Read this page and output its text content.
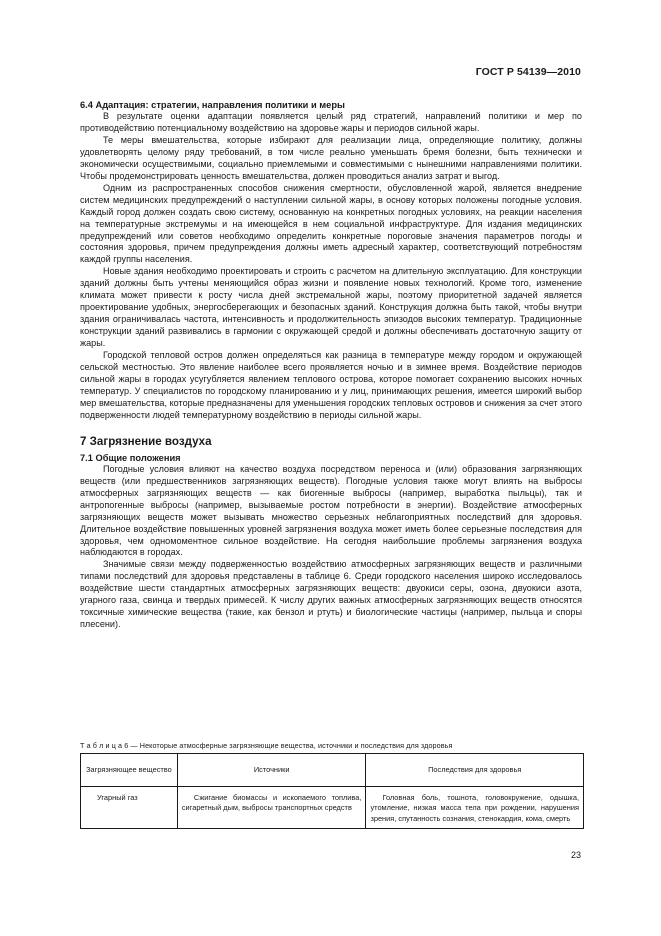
ГОСТ Р 54139—2010
6.4 Адаптация: стратегии, направления политики и меры

В результате оценки адаптации появляется целый ряд стратегий, направлений политики и мер по противодействию потенциальному воздействию на здоровье жары и периодов сильной жары.

Те меры вмешательства, которые избирают для реализации лица, определяющие политику, должны удовлетворять целому ряду требований, в том числе реально уменьшать бремя болезни, быть технически и экономически осуществимыми, социально приемлемыми и совместимыми с нынешними направлениями политики. Чтобы продемонстрировать ценность вмешательства, должен проводиться анализ затрат и выгод.

Одним из распространенных способов снижения смертности, обусловленной жарой, является внедрение систем медицинских предупреждений о наступлении сильной жары, в основу которых положены погодные условия. Каждый город должен создать свою систему, основанную на конкретных погодных условиях, на реакции населения на температурные экстремумы и на имеющейся в нем социальной инфраструктуре. Для издания медицинских предупреждений или советов необходимо определить конкретные пороговые значения параметров погоды и состояния здоровья, причем предупреждения должны иметь адресный характер, соответствующий потребностям каждой группы населения.

Новые здания необходимо проектировать и строить с расчетом на длительную эксплуатацию. Для конструкции зданий должны быть учтены меняющийся образ жизни и появление новых технологий. Кроме того, изменение климата может привести к росту числа дней экстремальной жары, поэтому приоритетной задачей является проектирование удобных, энергосберегающих и безопасных зданий. Конструкция должна быть такой, чтобы внутри здания ограничивалась частота, интенсивность и продолжительность эпизодов высоких температур. Традиционные конструкции зданий развивались в гармонии с окружающей средой и должны обеспечивать достаточную защиту от жары.

Городской тепловой остров должен определяться как разница в температуре между городом и окружающей сельской местностью. Это явление наиболее всего проявляется ночью и в зимнее время. Воздействие периодов сильной жары в городах усугубляется явлением теплового острова, которое помогает сохранению высоких ночных температур. У специалистов по городскому планированию и у лиц, принимающих решения, имеется широкий выбор мер вмешательства, которые предназначены для уменьшения городских тепловых островов и снижения за счет этого подверженности людей температурному воздействию в периоды сильной жары.

7 Загрязнение воздуха
7.1 Общие положения

Погодные условия влияют на качество воздуха посредством переноса и (или) образования загрязняющих веществ (или предшественников загрязняющих веществ). Погодные условия также могут влиять на выбросы атмосферных загрязняющих веществ — как биогенные выбросы (например, выработка пыльцы), так и антропогенные выбросы (например, вызываемые ростом потребности в энергии). Воздействие атмосферных загрязняющих веществ может вызывать множество серьезных неблагоприятных последствий для здоровья. Длительное воздействие повышенных уровней загрязнения воздуха может иметь более серьезные последствия для здоровья, чем одномоментное сильное воздействие. На сегодня наибольшие проблемы загрязнения воздуха наблюдаются в городах.

Значимые связи между подверженностью воздействию атмосферных загрязняющих веществ и различными типами последствий для здоровья представлены в таблице 6. Среди городского населения широко исследовалось воздействие шести стандартных атмосферных загрязняющих веществ: двуокиси серы, озона, двуокиси азота, угарного газа, свинца и твердых примесей. К числу других важных атмосферных загрязняющих веществ относятся токсичные химические вещества (такие, как бензол и ртуть) и биологические частицы (например, пыльца и споры плесени).

Т а б л и ц а 6 — Некоторые атмосферные загрязняющие вещества, источники и последствия для здоровья
Загрязняющее вещество	Источники	Последствия для здоровья
Угарный газ	Сжигание биомассы и ископаемого топлива, сигаретный дым, выбросы транспортных средств	Головная боль, тошнота, головокружение, одышка, утомление, низкая масса тела при рождении, нарушения зрения, спутанность сознания, стенокардия, кома, смерть
23
